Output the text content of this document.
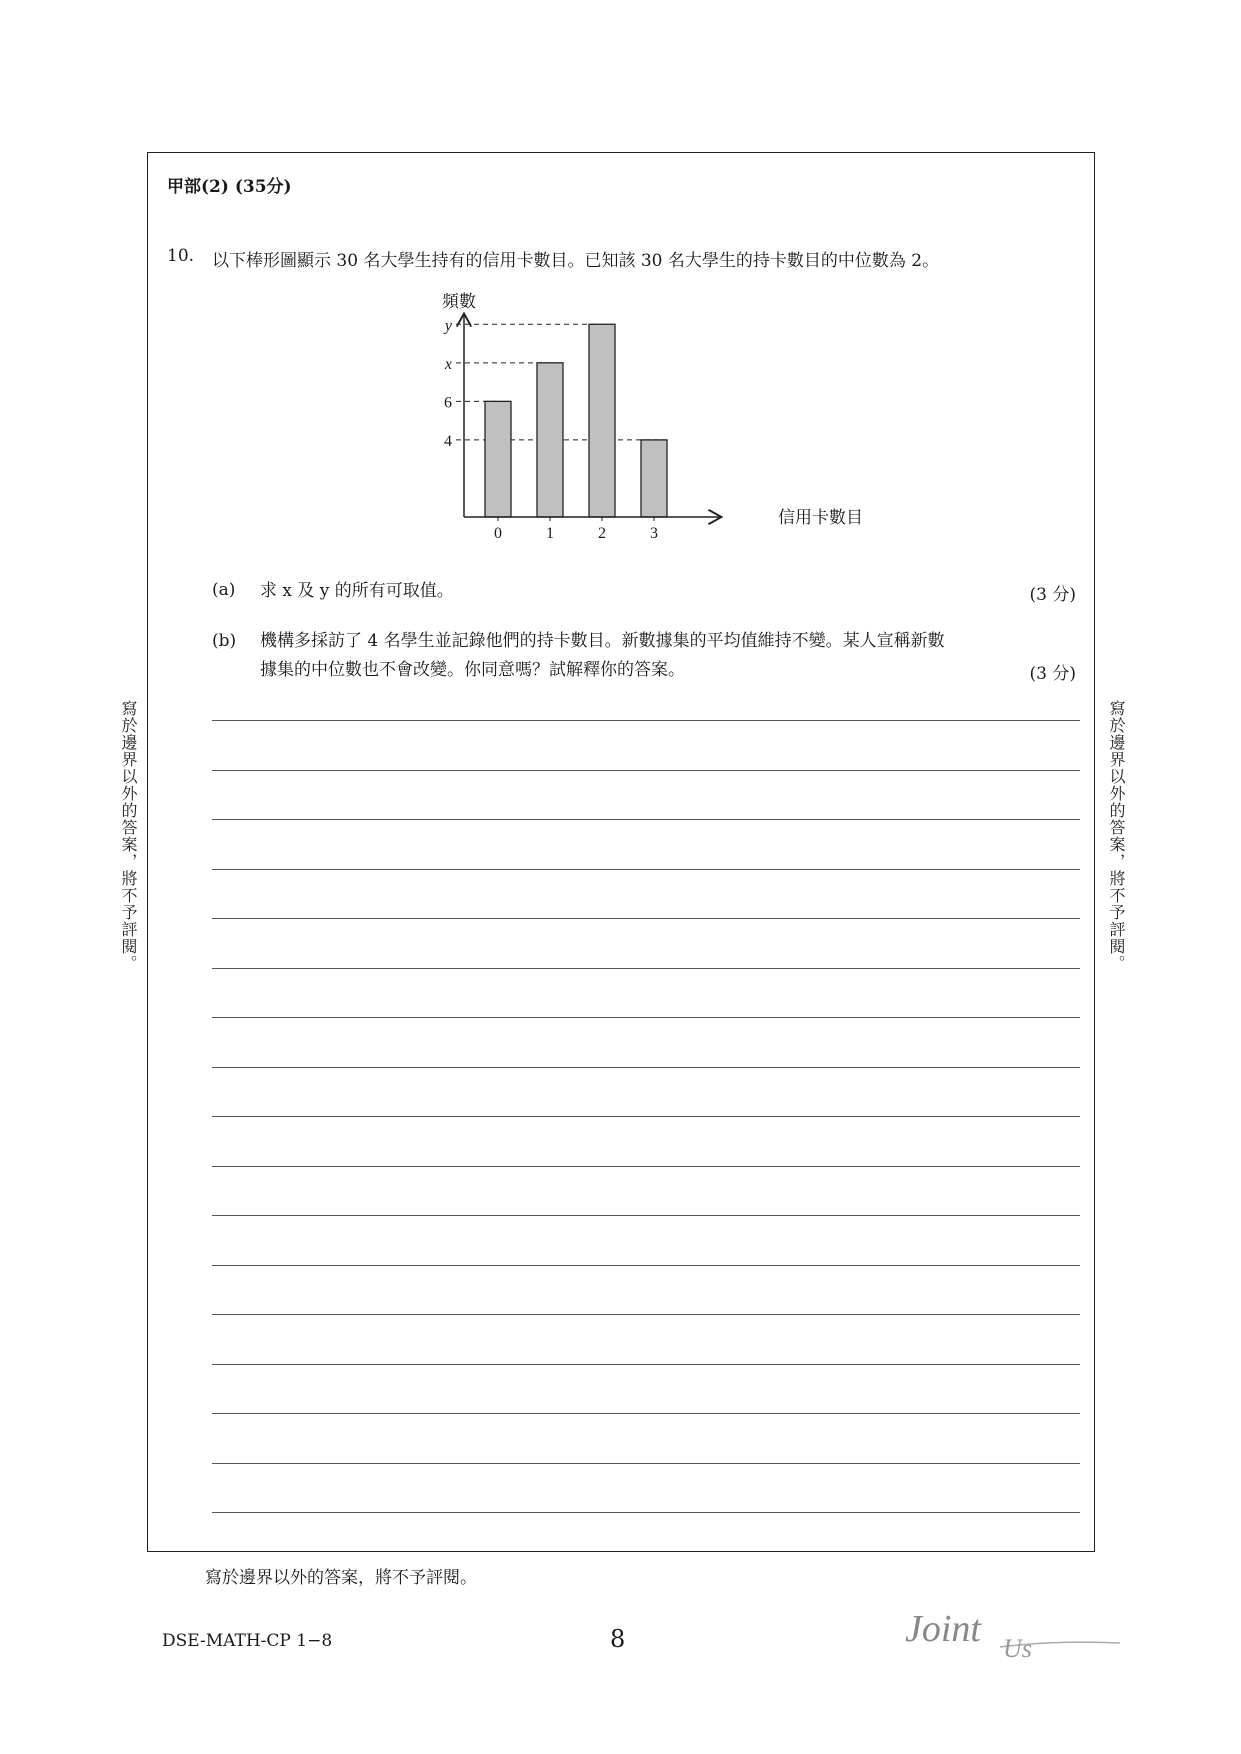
甲部(2) (35分)
10. 以下棒形圖顯示 30 名大學生持有的信用卡數目。已知該 30 名大學生的持卡數目的中位數為 2。
頻數
6
x
y
4
0	1	2	3
信用卡數目
(a) 求 x 及 y 的所有可取值。	(3 分)
(b) 機構多採訪了 4 名學生並記錄他們的持卡數目。新數據集的平均值維持不變。某人宣稱新數
據集的中位數也不會改變。你同意嗎？試解釋你的答案。	(3 分)
寫於邊界以外的答案，將不予評閱。	寫於邊界以外的答案，將不予評閱。
寫於邊界以外的答案，將不予評閱。
DSE-MATH-CP 1−8	8	Joint Us
